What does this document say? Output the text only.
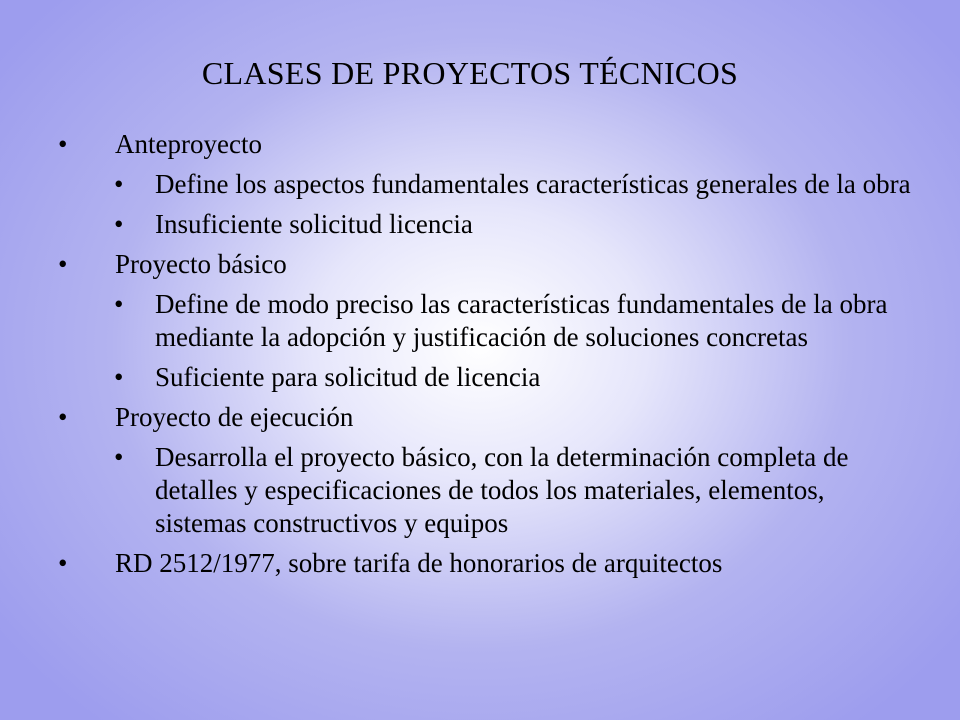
CLASES DE PROYECTOS TÉCNICOS
• Anteproyecto
• Define los aspectos fundamentales características generales de la obra
• Insuficiente solicitud licencia
• Proyecto básico
• Define de modo preciso las características fundamentales de la obra mediante la adopción y justificación de soluciones concretas
• Suficiente para solicitud de licencia
• Proyecto de ejecución
• Desarrolla el proyecto básico, con la determinación completa de detalles y especificaciones de todos los materiales, elementos, sistemas constructivos y equipos
• RD 2512/1977, sobre tarifa de honorarios de arquitectos
